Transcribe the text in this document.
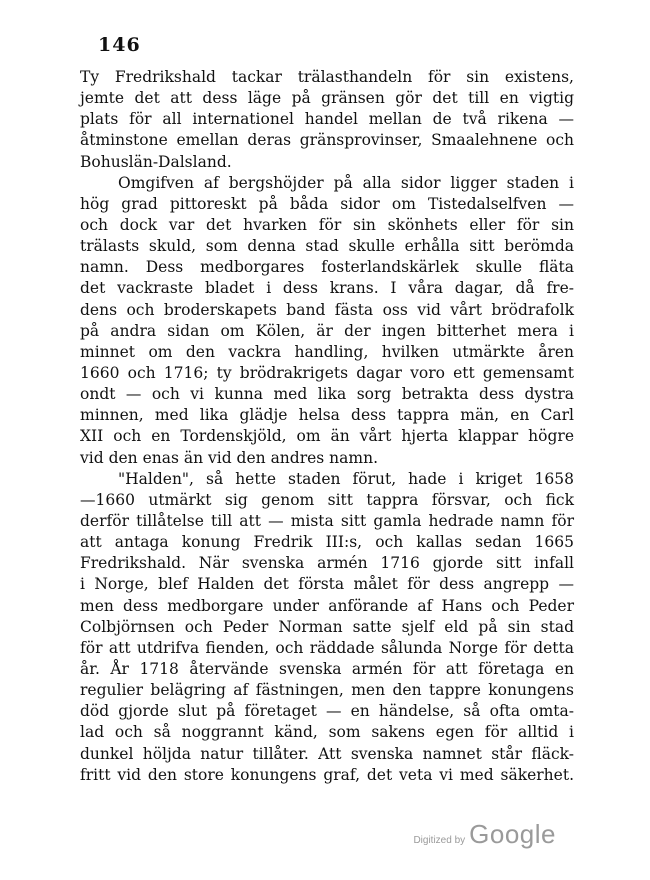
146
Ty Fredrikshald tackar trälasthandeln för sin existens,
jemte det att dess läge på gränsen gör det till en vigtig
plats för all internationel handel mellan de två rikena —
åtminstone emellan deras gränsprovinser, Smaalehnene och
Bohuslän-Dalsland.
Omgifven af bergshöjder på alla sidor ligger staden i
hög grad pittoreskt på båda sidor om Tistedalselfven —
och dock var det hvarken för sin skönhets eller för sin
trälasts skuld, som denna stad skulle erhålla sitt berömda
namn. Dess medborgares fosterlandskärlek skulle fläta
det vackraste bladet i dess krans. I våra dagar, då fre-
dens och broderskapets band fästa oss vid vårt brödrafolk
på andra sidan om Kölen, är der ingen bitterhet mera i
minnet om den vackra handling, hvilken utmärkte åren
1660 och 1716; ty brödrakrigets dagar voro ett gemensamt
ondt — och vi kunna med lika sorg betrakta dess dystra
minnen, med lika glädje helsa dess tappra män, en Carl
XII och en Tordenskjöld, om än vårt hjerta klappar högre
vid den enas än vid den andres namn.
"Halden", så hette staden förut, hade i kriget 1658
—1660 utmärkt sig genom sitt tappra försvar, och fick
derför tillåtelse till att — mista sitt gamla hedrade namn för
att antaga konung Fredrik III:s, och kallas sedan 1665
Fredrikshald. När svenska armén 1716 gjorde sitt infall
i Norge, blef Halden det första målet för dess angrepp —
men dess medborgare under anförande af Hans och Peder
Colbjörnsen och Peder Norman satte sjelf eld på sin stad
för att utdrifva fienden, och räddade sålunda Norge för detta
år. År 1718 återvände svenska armén för att företaga en
regulier belägring af fästningen, men den tappre konungens
död gjorde slut på företaget — en händelse, så ofta omta-
lad och så noggrannt känd, som sakens egen för alltid i
dunkel höljda natur tillåter. Att svenska namnet står fläck-
fritt vid den store konungens graf, det veta vi med säkerhet.
Digitized by Google
